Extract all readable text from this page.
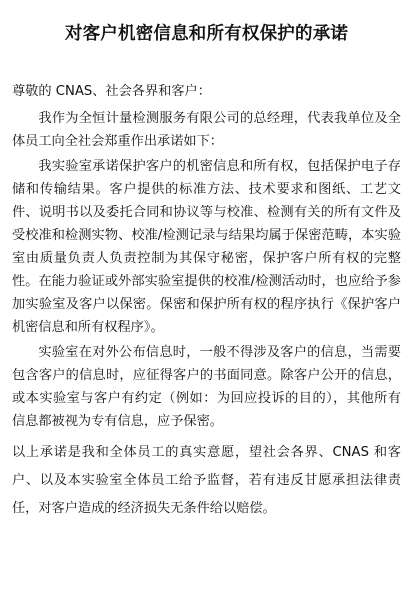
对客户机密信息和所有权保护的承诺

尊敬的 CNAS、社会各界和客户：

我作为全恒计量检测服务有限公司的总经理，代表我单位及全体员工向全社会郑重作出承诺如下：

我实验室承诺保护客户的机密信息和所有权，包括保护电子存储和传输结果。客户提供的标准方法、技术要求和图纸、工艺文件、说明书以及委托合同和协议等与校准、检测有关的所有文件及受校准和检测实物、校准/检测记录与结果均属于保密范畴，本实验室由质量负责人负责控制为其保守秘密，保护客户所有权的完整性。在能力验证或外部实验室提供的校准/检测活动时，也应给予参加实验室及客户以保密。保密和保护所有权的程序执行《保护客户机密信息和所有权程序》。

实验室在对外公布信息时，一般不得涉及客户的信息，当需要包含客户的信息时，应征得客户的书面同意。除客户公开的信息，或本实验室与客户有约定（例如：为回应投诉的目的），其他所有信息都被视为专有信息，应予保密。

以上承诺是我和全体员工的真实意愿，望社会各界、CNAS 和客户、以及本实验室全体员工给予监督，若有违反甘愿承担法律责任，对客户造成的经济损失无条件给以赔偿。
